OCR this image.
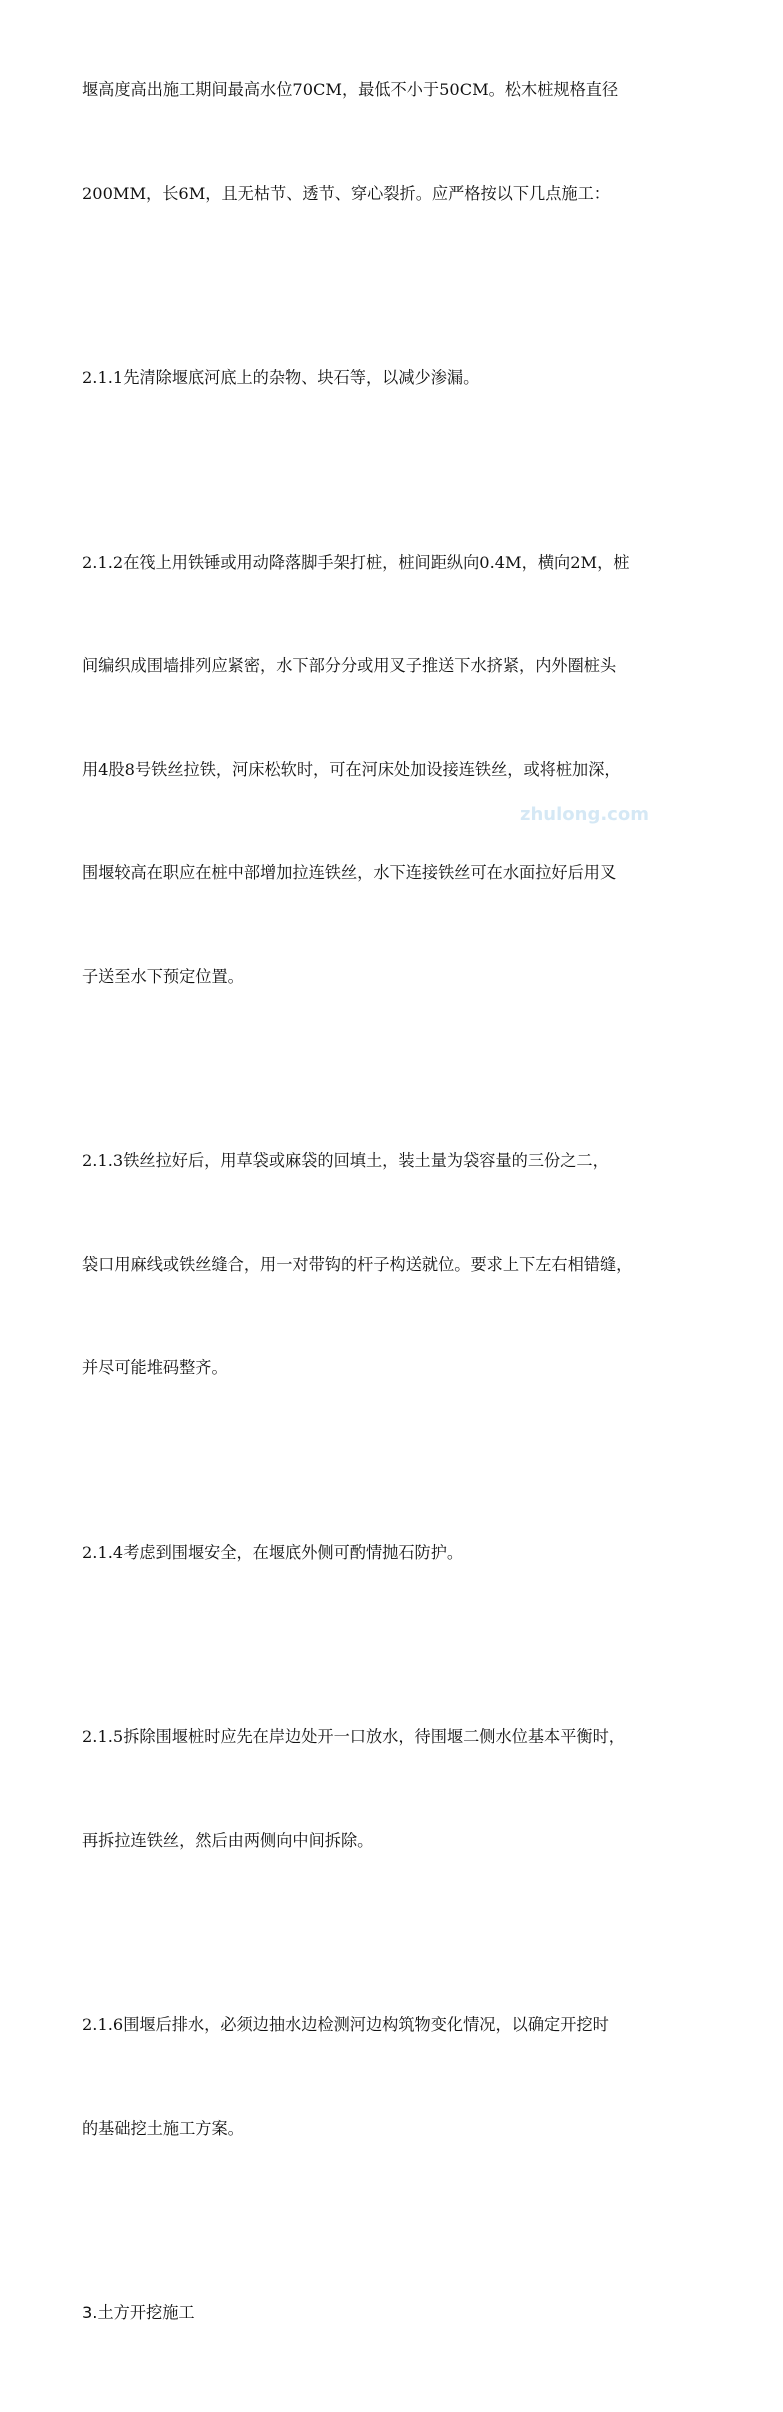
zhulong.com

堰高度高出施工期间最高水位70CM，最低不小于50CM。松木桩规格直径

200MM，长6M，且无枯节、透节、穿心裂折。应严格按以下几点施工：

2.1.1先清除堰底河底上的杂物、块石等，以减少渗漏。

2.1.2在筏上用铁锤或用动降落脚手架打桩，桩间距纵向0.4M，横向2M，桩

间编织成围墙排列应紧密，水下部分分或用叉子推送下水挤紧，内外圈桩头

用4股8号铁丝拉铁，河床松软时，可在河床处加设接连铁丝，或将桩加深，

围堰较高在职应在桩中部增加拉连铁丝，水下连接铁丝可在水面拉好后用叉

子送至水下预定位置。

2.1.3铁丝拉好后，用草袋或麻袋的回填土，装土量为袋容量的三份之二，

袋口用麻线或铁丝缝合，用一对带钩的杆子构送就位。要求上下左右相错缝，

并尽可能堆码整齐。

2.1.4考虑到围堰安全，在堰底外侧可酌情抛石防护。

2.1.5拆除围堰桩时应先在岸边处开一口放水，待围堰二侧水位基本平衡时，

再拆拉连铁丝，然后由两侧向中间拆除。

2.1.6围堰后排水，必须边抽水边检测河边构筑物变化情况，以确定开挖时

的基础挖土施工方案。

3.土方开挖施工
